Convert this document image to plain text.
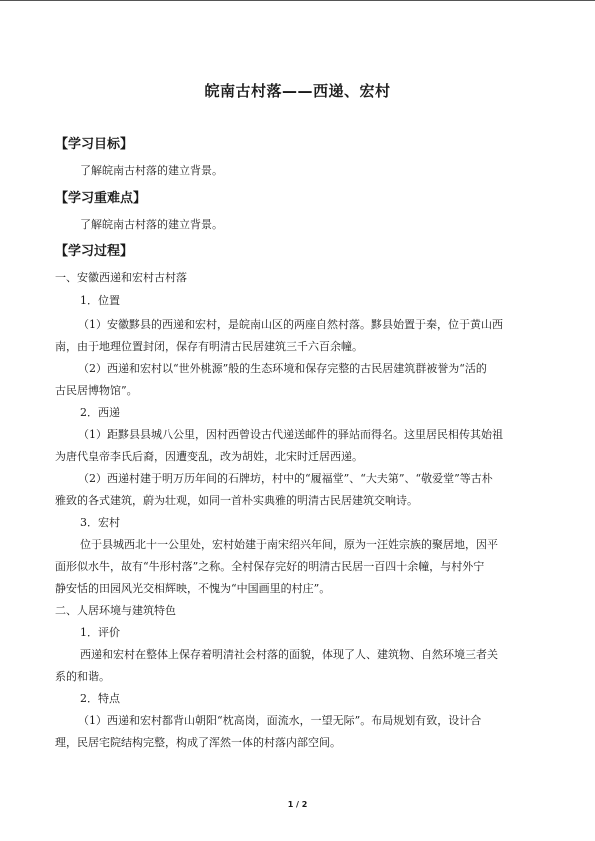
皖南古村落——西递、宏村
【学习目标】
了解皖南古村落的建立背景。
【学习重难点】
了解皖南古村落的建立背景。
【学习过程】
一、安徽西递和宏村古村落
1．位置
（1）安徽黟县的西递和宏村，是皖南山区的两座自然村落。黟县始置于秦，位于黄山西
南，由于地理位置封闭，保存有明清古民居建筑三千六百余幢。
（2）西递和宏村以“世外桃源”般的生态环境和保存完整的古民居建筑群被誉为“活的
古民居博物馆”。
2．西递
（1）距黟县县城八公里，因村西曾设古代递送邮件的驿站而得名。这里居民相传其始祖
为唐代皇帝李氏后裔，因遭变乱，改为胡姓，北宋时迁居西递。
（2）西递村建于明万历年间的石牌坊，村中的“履福堂”、“大夫第”、“敬爱堂”等古朴
雅致的各式建筑，蔚为壮观，如同一首朴实典雅的明清古民居建筑交响诗。
3．宏村
位于县城西北十一公里处，宏村始建于南宋绍兴年间，原为一汪姓宗族的聚居地，因平
面形似水牛，故有“牛形村落”之称。全村保存完好的明清古民居一百四十余幢，与村外宁
静安恬的田园风光交相辉映，不愧为“中国画里的村庄”。
二、人居环境与建筑特色
1．评价
西递和宏村在整体上保存着明清社会村落的面貌，体现了人、建筑物、自然环境三者关
系的和谐。
2．特点
（1）西递和宏村都背山朝阳“枕高岗，面流水，一望无际”。布局规划有致，设计合
理，民居宅院结构完整，构成了浑然一体的村落内部空间。
1 / 2
